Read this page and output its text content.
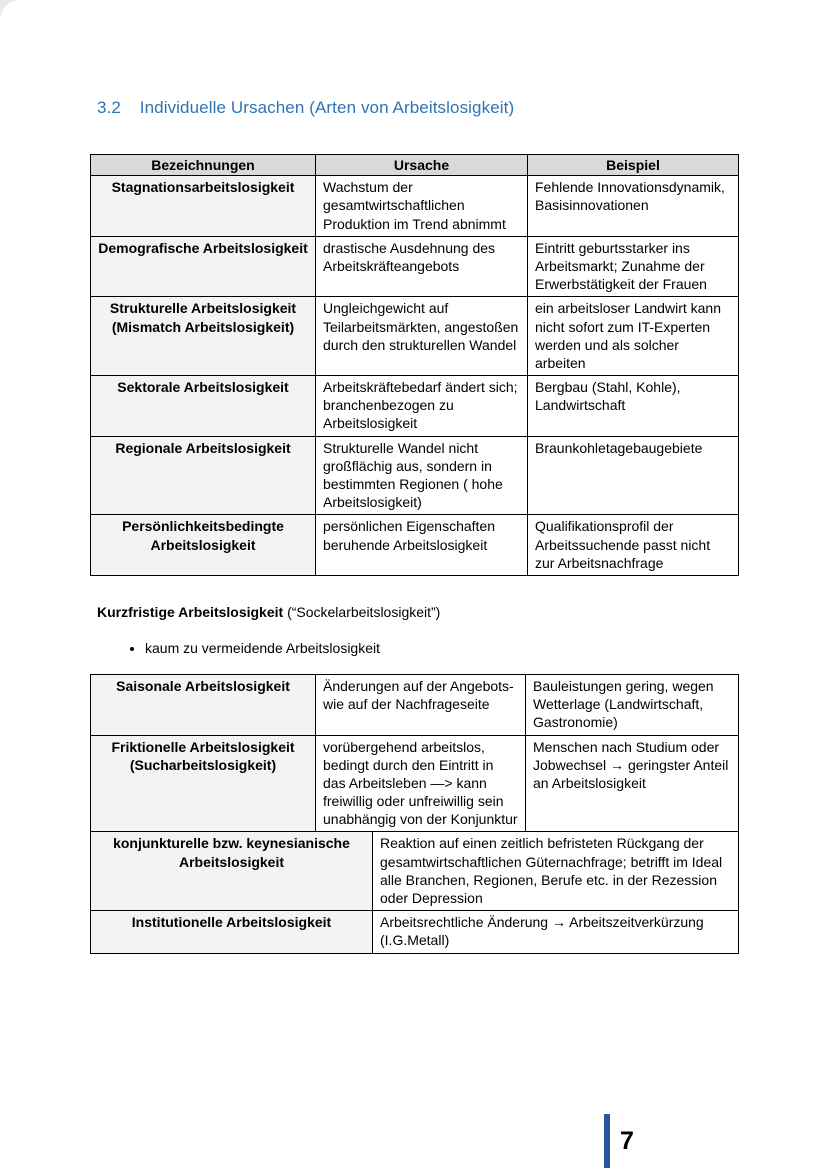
3.2 Individuelle Ursachen (Arten von Arbeitslosigkeit)
Bezeichnungen	Ursache	Beispiel
Stagnationsarbeitslosigkeit	Wachstum der gesamtwirtschaftlichen Produktion im Trend abnimmt	Fehlende Innovationsdynamik, Basisinnovationen
Demografische Arbeitslosigkeit	drastische Ausdehnung des Arbeitskräfteangebots	Eintritt geburtsstarker ins Arbeitsmarkt; Zunahme der Erwerbstätigkeit der Frauen
Strukturelle Arbeitslosigkeit (Mismatch Arbeitslosigkeit)	Ungleichgewicht auf Teilarbeitsmärkten, angestoßen durch den strukturellen Wandel	ein arbeitsloser Landwirt kann nicht sofort zum IT-Experten werden und als solcher arbeiten
Sektorale Arbeitslosigkeit	Arbeitskräftebedarf ändert sich; branchenbezogen zu Arbeitslosigkeit	Bergbau (Stahl, Kohle), Landwirtschaft
Regionale Arbeitslosigkeit	Strukturelle Wandel nicht großflächig aus, sondern in bestimmten Regionen ( hohe Arbeitslosigkeit)	Braunkohletagebaugebiete
Persönlichkeitsbedingte Arbeitslosigkeit	persönlichen Eigenschaften beruhende Arbeitslosigkeit	Qualifikationsprofil der Arbeitssuchende passt nicht zur Arbeitsnachfrage

Kurzfristige Arbeitslosigkeit (“Sockelarbeitslosigkeit”)

• kaum zu vermeidende Arbeitslosigkeit
Saisonale Arbeitslosigkeit	Änderungen auf der Angebots- wie auf der Nachfrageseite		Bauleistungen gering, wegen Wetterlage (Landwirtschaft, Gastronomie)
Friktionelle Arbeitslosigkeit (Sucharbeitslosigkeit)	vorübergehend arbeitslos, bedingt durch den Eintritt in das Arbeitsleben —> kann freiwillig oder unfreiwillig sein unabhängig von der Konjunktur		Menschen nach Studium oder Jobwechsel → geringster Anteil an Arbeitslosigkeit
konjunkturelle bzw. keynesianische Arbeitslosigkeit		Reaktion auf einen zeitlich befristeten Rückgang der gesamtwirtschaftlichen Güternachfrage; betrifft im Ideal alle Branchen, Regionen, Berufe etc. in der Rezession oder Depression	
Institutionelle Arbeitslosigkeit		Arbeitsrechtliche Änderung → Arbeitszeitverkürzung (I.G.Metall)	
7
